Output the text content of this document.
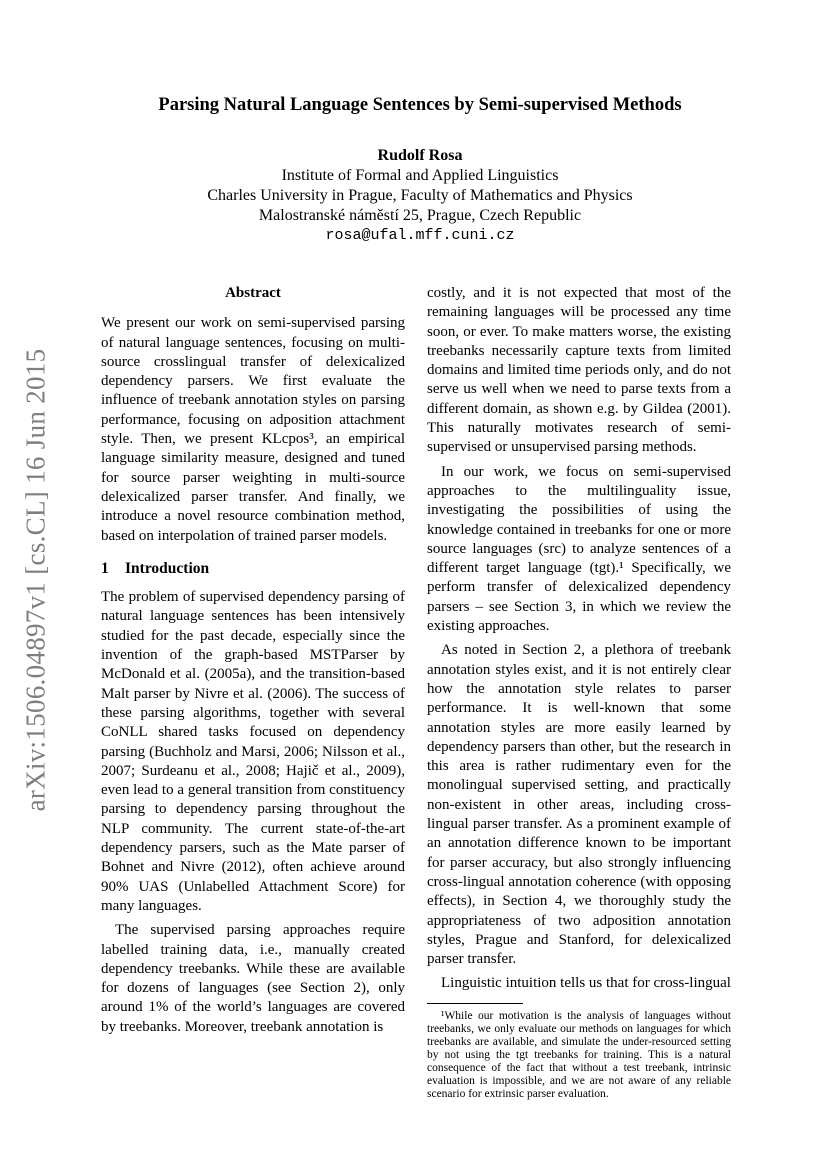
arXiv:1506.04897v1 [cs.CL] 16 Jun 2015
Parsing Natural Language Sentences by Semi-supervised Methods
Rudolf Rosa
Institute of Formal and Applied Linguistics
Charles University in Prague, Faculty of Mathematics and Physics
Malostranské náměstí 25, Prague, Czech Republic
rosa@ufal.mff.cuni.cz
Abstract

We present our work on semi-supervised parsing of natural language sentences, focusing on multi-source crosslingual transfer of delexicalized dependency parsers. We first evaluate the influence of treebank annotation styles on parsing performance, focusing on adposition attachment style. Then, we present KLcpos³, an empirical language similarity measure, designed and tuned for source parser weighting in multi-source delexicalized parser transfer. And finally, we introduce a novel resource combination method, based on interpolation of trained parser models.

1 Introduction

The problem of supervised dependency parsing of natural language sentences has been intensively studied for the past decade, especially since the invention of the graph-based MSTParser by McDonald et al. (2005a), and the transition-based Malt parser by Nivre et al. (2006). The success of these parsing algorithms, together with several CoNLL shared tasks focused on dependency parsing (Buchholz and Marsi, 2006; Nilsson et al., 2007; Surdeanu et al., 2008; Hajič et al., 2009), even lead to a general transition from constituency parsing to dependency parsing throughout the NLP community. The current state-of-the-art dependency parsers, such as the Mate parser of Bohnet and Nivre (2012), often achieve around 90% UAS (Unlabelled Attachment Score) for many languages.

The supervised parsing approaches require labelled training data, i.e., manually created dependency treebanks. While these are available for dozens of languages (see Section 2), only around 1% of the world’s languages are covered by treebanks. Moreover, treebank annotation is

costly, and it is not expected that most of the remaining languages will be processed any time soon, or ever. To make matters worse, the existing treebanks necessarily capture texts from limited domains and limited time periods only, and do not serve us well when we need to parse texts from a different domain, as shown e.g. by Gildea (2001). This naturally motivates research of semi-supervised or unsupervised parsing methods.

In our work, we focus on semi-supervised approaches to the multilinguality issue, investigating the possibilities of using the knowledge contained in treebanks for one or more source languages (src) to analyze sentences of a different target language (tgt).¹ Specifically, we perform transfer of delexicalized dependency parsers – see Section 3, in which we review the existing approaches.

As noted in Section 2, a plethora of treebank annotation styles exist, and it is not entirely clear how the annotation style relates to parser performance. It is well-known that some annotation styles are more easily learned by dependency parsers than other, but the research in this area is rather rudimentary even for the monolingual supervised setting, and practically non-existent in other areas, including cross-lingual parser transfer. As a prominent example of an annotation difference known to be important for parser accuracy, but also strongly influencing cross-lingual annotation coherence (with opposing effects), in Section 4, we thoroughly study the appropriateness of two adposition annotation styles, Prague and Stanford, for delexicalized parser transfer.

Linguistic intuition tells us that for cross-lingual

¹While our motivation is the analysis of languages without treebanks, we only evaluate our methods on languages for which treebanks are available, and simulate the under-resourced setting by not using the tgt treebanks for training. This is a natural consequence of the fact that without a test treebank, intrinsic evaluation is impossible, and we are not aware of any reliable scenario for extrinsic parser evaluation.
